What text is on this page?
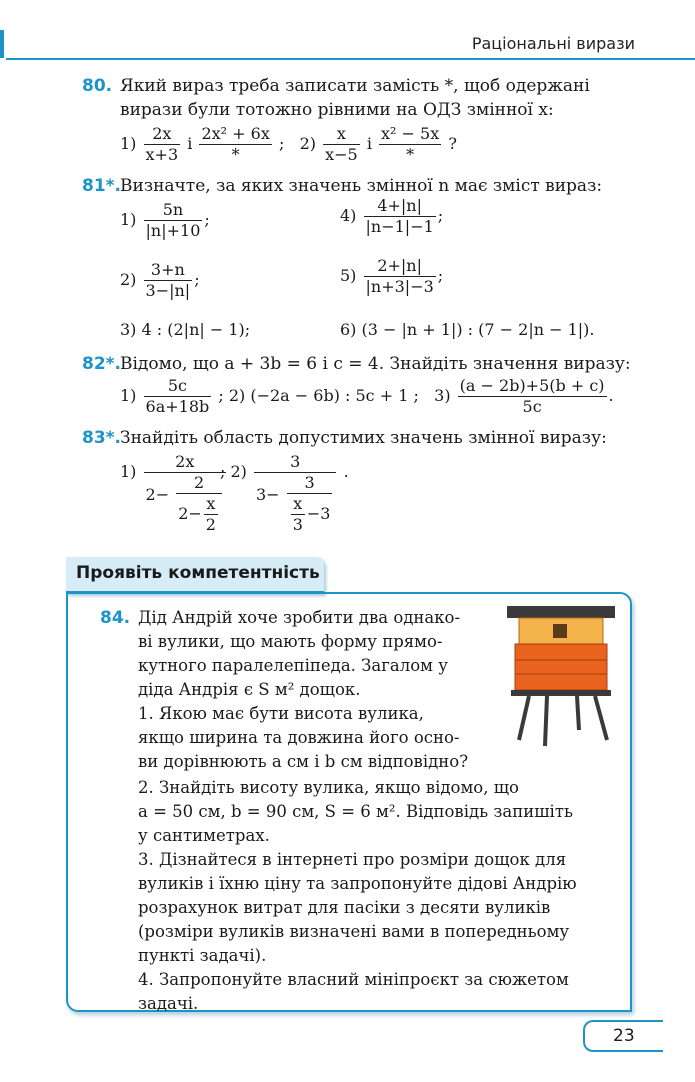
Раціональні вирази
80. Який вираз треба записати замість *, щоб одержані
вирази були тотожно рівними на ОДЗ змінної x:
$1) \frac{2x}{x+3}$ і $\frac{\text{2x² + 6x}}{*}$ ; $2) \frac{x}{x-5}$ і $\frac{\text{x² − 5x}}{*}$ ?
81*.
Визначте, за яких значень змінної n має зміст вираз:
$1) \frac{5n}{|n|+10}$ ;	$4) \frac{4+|n|}{|n-1|-1}$ ;
$2) \frac{3+n}{3-|n|}$ ;	$5) \frac{2+|n|}{|n+3|-3}$ ;
3) 4 : (2|n| − 1);	6) (3 − |n + 1|) : (7 − 2|n − 1|).
82*.
Відомо, що a + 3b = 6 і c = 4. Знайдіть значення виразу:
$1) \frac{5c}{6a+18b}$ ; 2) (−2a − 6b) : 5c + 1 ; $3) \frac{(a - 2b)+5(b + c)}{5c}$ .
83*.
Знайдіть область допустимих значень змінної виразу:
$1) \frac{2x}{2- \frac{2}{2- \frac{x}{2}}}$
; $2) \frac{3}{3- \frac{3}{\frac{x}{3} -3}}$ .
Проявіть компетентність
84. Дід Андрій хоче зробити два однако-
ві вулики, що мають форму прямо-
кутного паралелепіпеда. Загалом у
діда Андрія є S м² дощок.
1. Якою має бути висота вулика,
якщо ширина та довжина його осно-
ви дорівнюють a см і b см відповідно?
2. Знайдіть висоту вулика, якщо відомо, що
a = 50 см, b = 90 см, S = 6 м². Відповідь запишіть
у сантиметрах.
3. Дізнайтеся в інтернеті про розміри дощок для
вуликів і їхню ціну та запропонуйте дідові Андрію
розрахунок витрат для пасіки з десяти вуликів
(розміри вуликів визначені вами в попередньому
пункті задачі).
4. Запропонуйте власний мініпроєкт за сюжетом
задачі.
23
